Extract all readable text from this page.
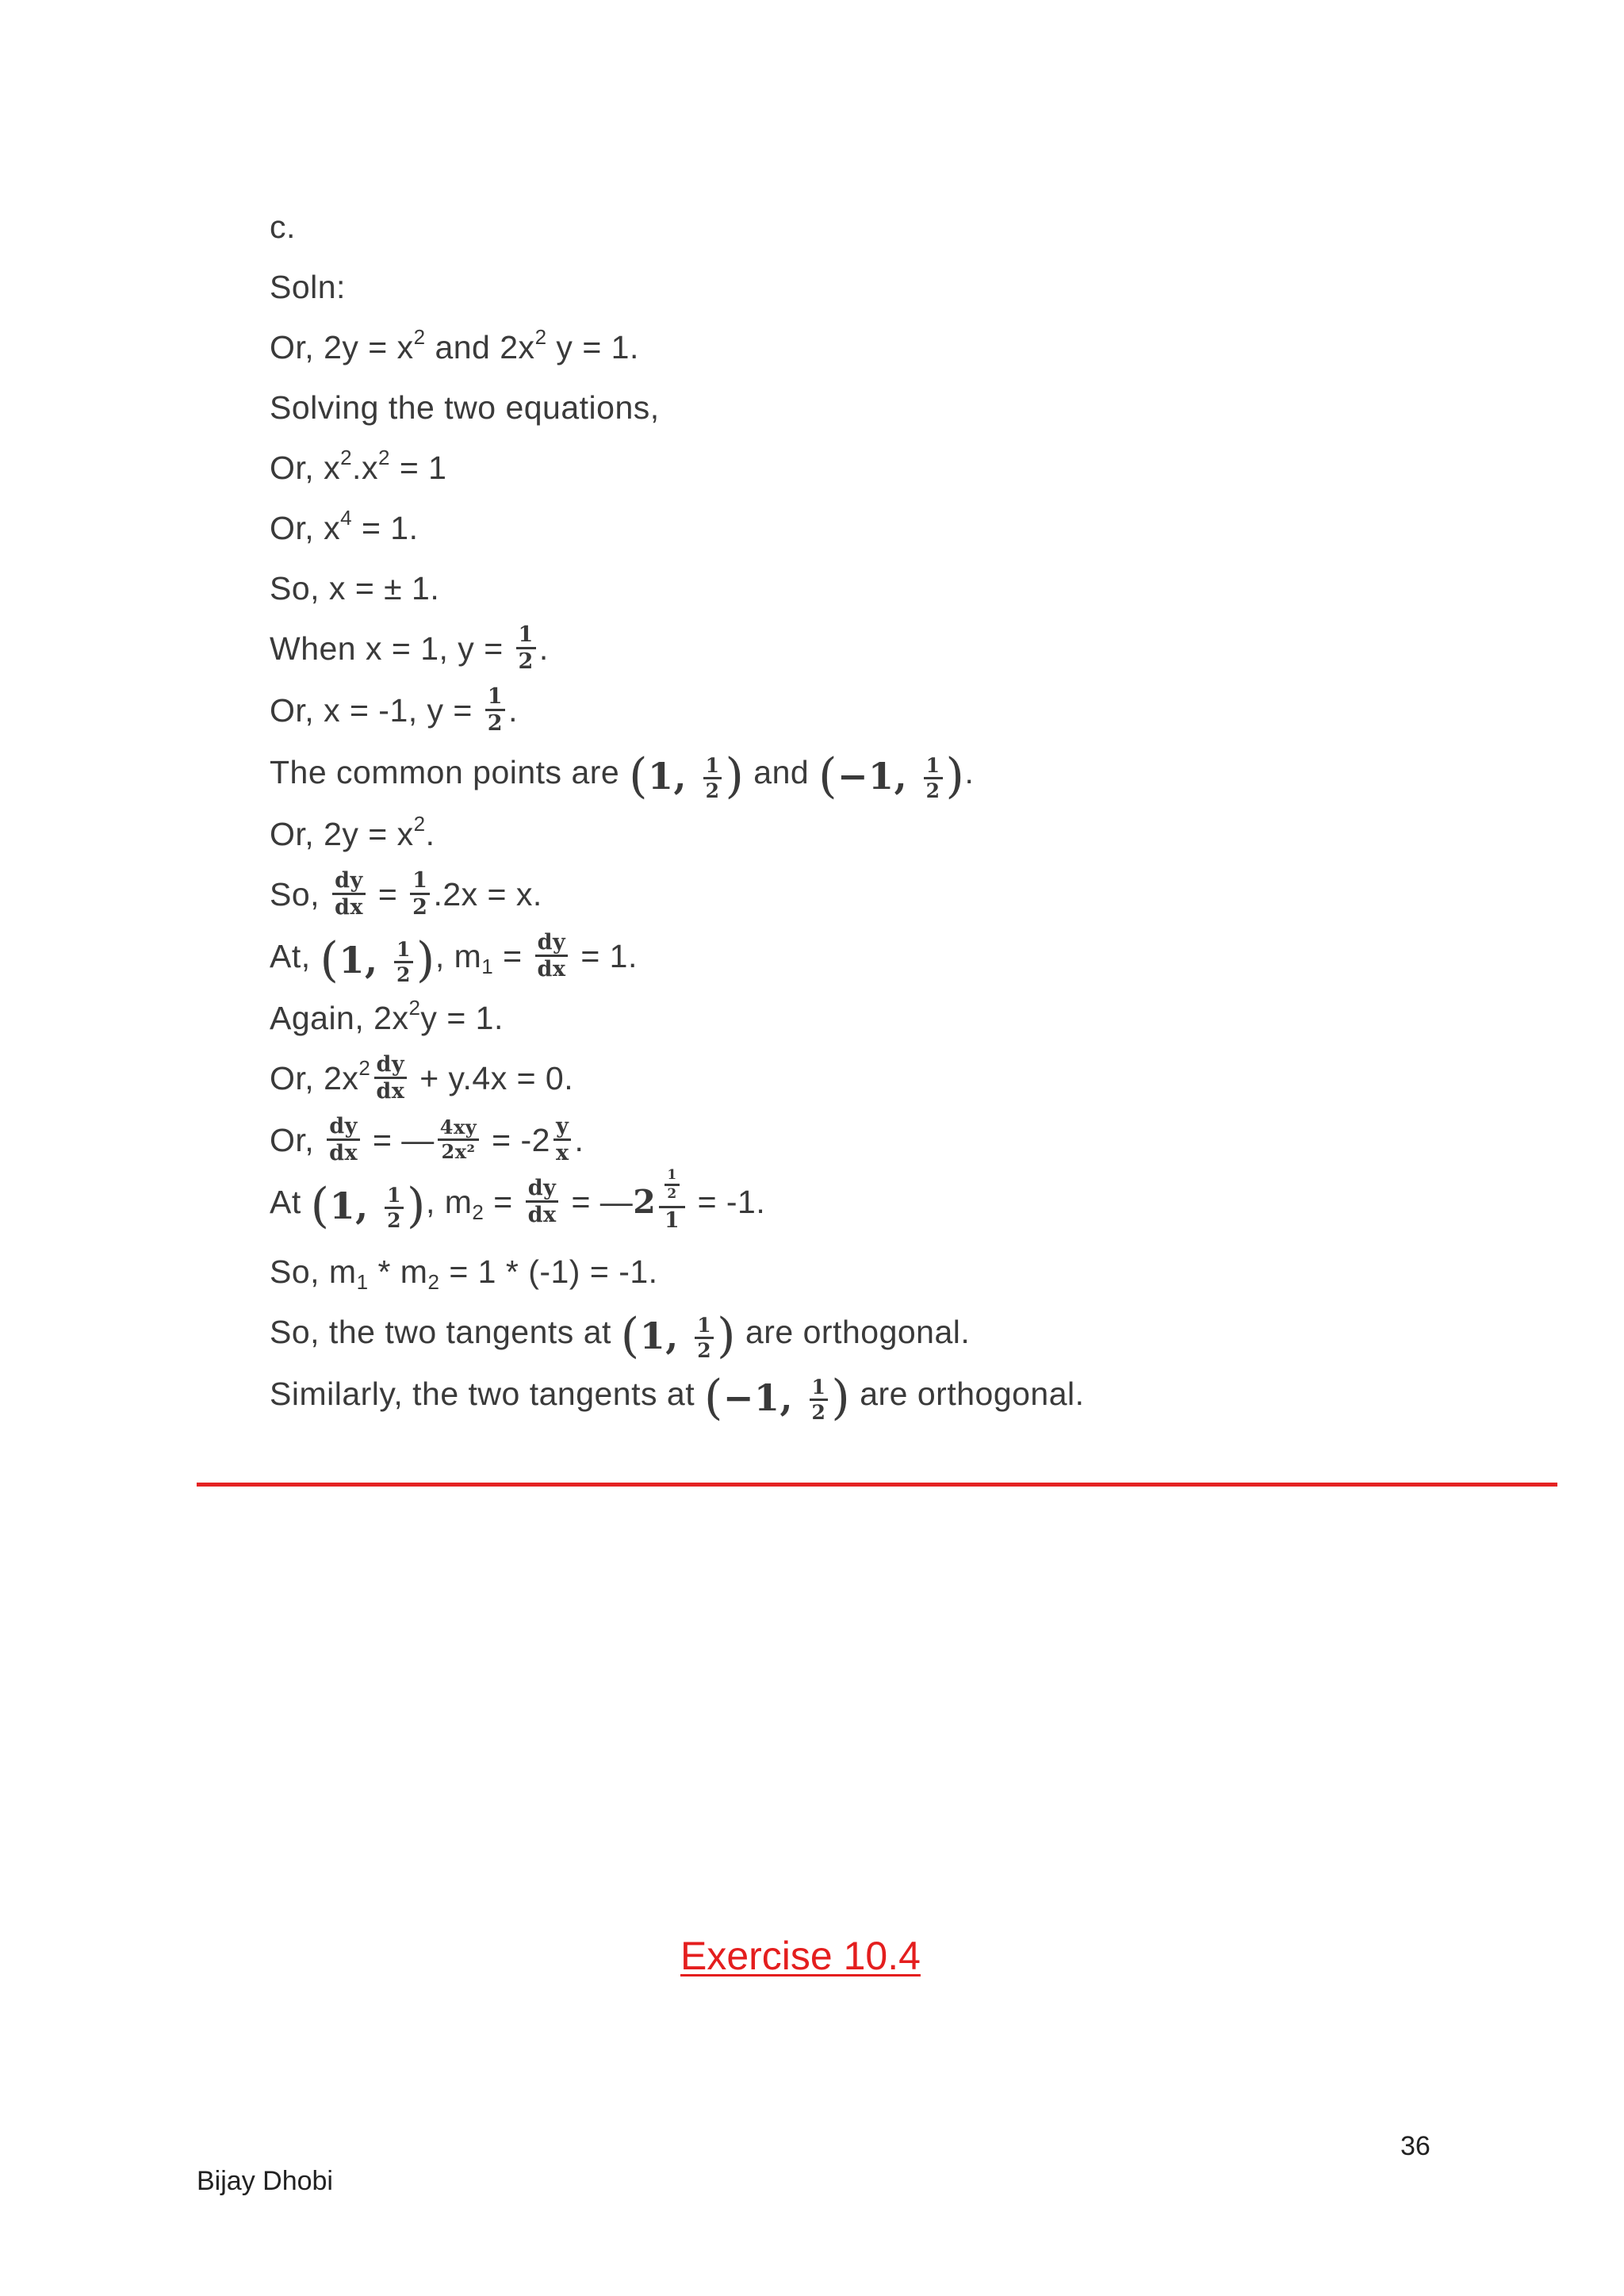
c.
Soln:
Or, $2y = x^2$ and $2x^2$ y = 1.
Solving the two equations,
Or, $x^2.x^2 = 1$
Or, $x^4 = 1$.
So, x = ± 1.
When x = 1, $y = \frac{1}{2}$ .
Or, x = -1, $y = \frac{1}{2}$ .
The common points are (1, $\frac{1}{2}$ ) and (−1, $\frac{1}{2}$ ).
Or, $2y = x^2$.
So, $\frac{dy}{dx} = \frac{1}{2} .2x = x$.
At, (1, $\frac{1}{2}$ ), $m_1 = \frac{dy}{dx} = 1$.
Again, $2x^2y = 1$.
Or, $2x^2 \frac{dy}{dx} + y.4x = 0$.
Or, $\frac{dy}{dx}$ = — $\frac{4xy}{\text{2x²}} = -2 \frac{y}{x}$ .
At (1, $\frac{1}{2}$ ), $m_2 = \frac{dy}{dx}$ = —2 $\frac{\frac{1}{2}}{1} = -1$.
So, $m_1 * m_2 = 1 * (-1) = -1$.
So, the two tangents at (1, $\frac{1}{2}$ ) are orthogonal.
Similarly, the two tangents at (−1, $\frac{1}{2}$ ) are orthogonal.
Exercise 10.4
36
Bijay Dhobi
